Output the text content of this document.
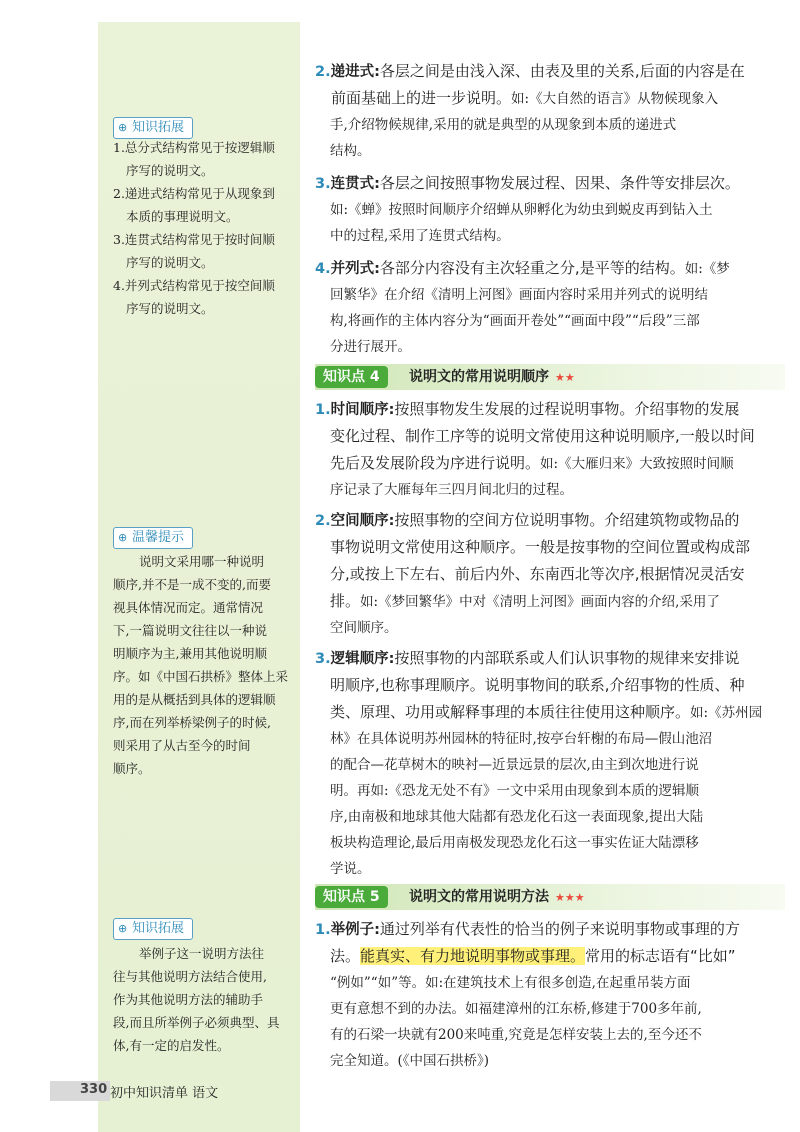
⊕ 知识拓展

1.总分式结构常见于按逻辑顺

序写的说明文。

2.递进式结构常见于从现象到

本质的事理说明文。

3.连贯式结构常见于按时间顺

序写的说明文。

4.并列式结构常见于按空间顺

序写的说明文。

⊕ 温馨提示

说明文采用哪一种说明

顺序,并不是一成不变的,而要

视具体情况而定。通常情况

下,一篇说明文往往以一种说

明顺序为主,兼用其他说明顺

序。如《中国石拱桥》整体上采

用的是从概括到具体的逻辑顺

序,而在列举桥梁例子的时候,

则采用了从古至今的时间

顺序。

⊕ 知识拓展

举例子这一说明方法往

往与其他说明方法结合使用,

作为其他说明方法的辅助手

段,而且所举例子必须典型、具

体,有一定的启发性。

2.递进式:各层之间是由浅入深、由表及里的关系,后面的内容是在

前面基础上的进一步说明。如:《大自然的语言》从物候现象入

手,介绍物候规律,采用的就是典型的从现象到本质的递进式

结构。

3.连贯式:各层之间按照事物发展过程、因果、条件等安排层次。

如:《蝉》按照时间顺序介绍蝉从卵孵化为幼虫到蜕皮再到钻入土

中的过程,采用了连贯式结构。

4.并列式:各部分内容没有主次轻重之分,是平等的结构。如:《梦

回繁华》在介绍《清明上河图》画面内容时采用并列式的说明结

构,将画作的主体内容分为“画面开卷处”“画面中段”“后段”三部

分进行展开。

知识点 4	说明文的常用说明顺序 ★★

1.时间顺序:按照事物发生发展的过程说明事物。介绍事物的发展

变化过程、制作工序等的说明文常使用这种说明顺序,一般以时间

先后及发展阶段为序进行说明。如:《大雁归来》大致按照时间顺

序记录了大雁每年三四月间北归的过程。

2.空间顺序:按照事物的空间方位说明事物。介绍建筑物或物品的

事物说明文常使用这种顺序。一般是按事物的空间位置或构成部

分,或按上下左右、前后内外、东南西北等次序,根据情况灵活安

排。如:《梦回繁华》中对《清明上河图》画面内容的介绍,采用了

空间顺序。

3.逻辑顺序:按照事物的内部联系或人们认识事物的规律来安排说

明顺序,也称事理顺序。说明事物间的联系,介绍事物的性质、种

类、原理、功用或解释事理的本质往往使用这种顺序。如:《苏州园

林》在具体说明苏州园林的特征时,按亭台轩榭的布局—假山池沼

的配合—花草树木的映衬—近景远景的层次,由主到次地进行说

明。再如:《恐龙无处不有》一文中采用由现象到本质的逻辑顺

序,由南极和地球其他大陆都有恐龙化石这一表面现象,提出大陆

板块构造理论,最后用南极发现恐龙化石这一事实佐证大陆漂移

学说。

知识点 5	说明文的常用说明方法 ★★★

1.举例子:通过列举有代表性的恰当的例子来说明事物或事理的方

法。能真实、有力地说明事物或事理。常用的标志语有“比如”

“例如”“如”等。如:在建筑技术上有很多创造,在起重吊装方面

更有意想不到的办法。如福建漳州的江东桥,修建于700多年前,

有的石梁一块就有200来吨重,究竟是怎样安装上去的,至今还不

完全知道。(《中国石拱桥》)

330 初中知识清单 语文
